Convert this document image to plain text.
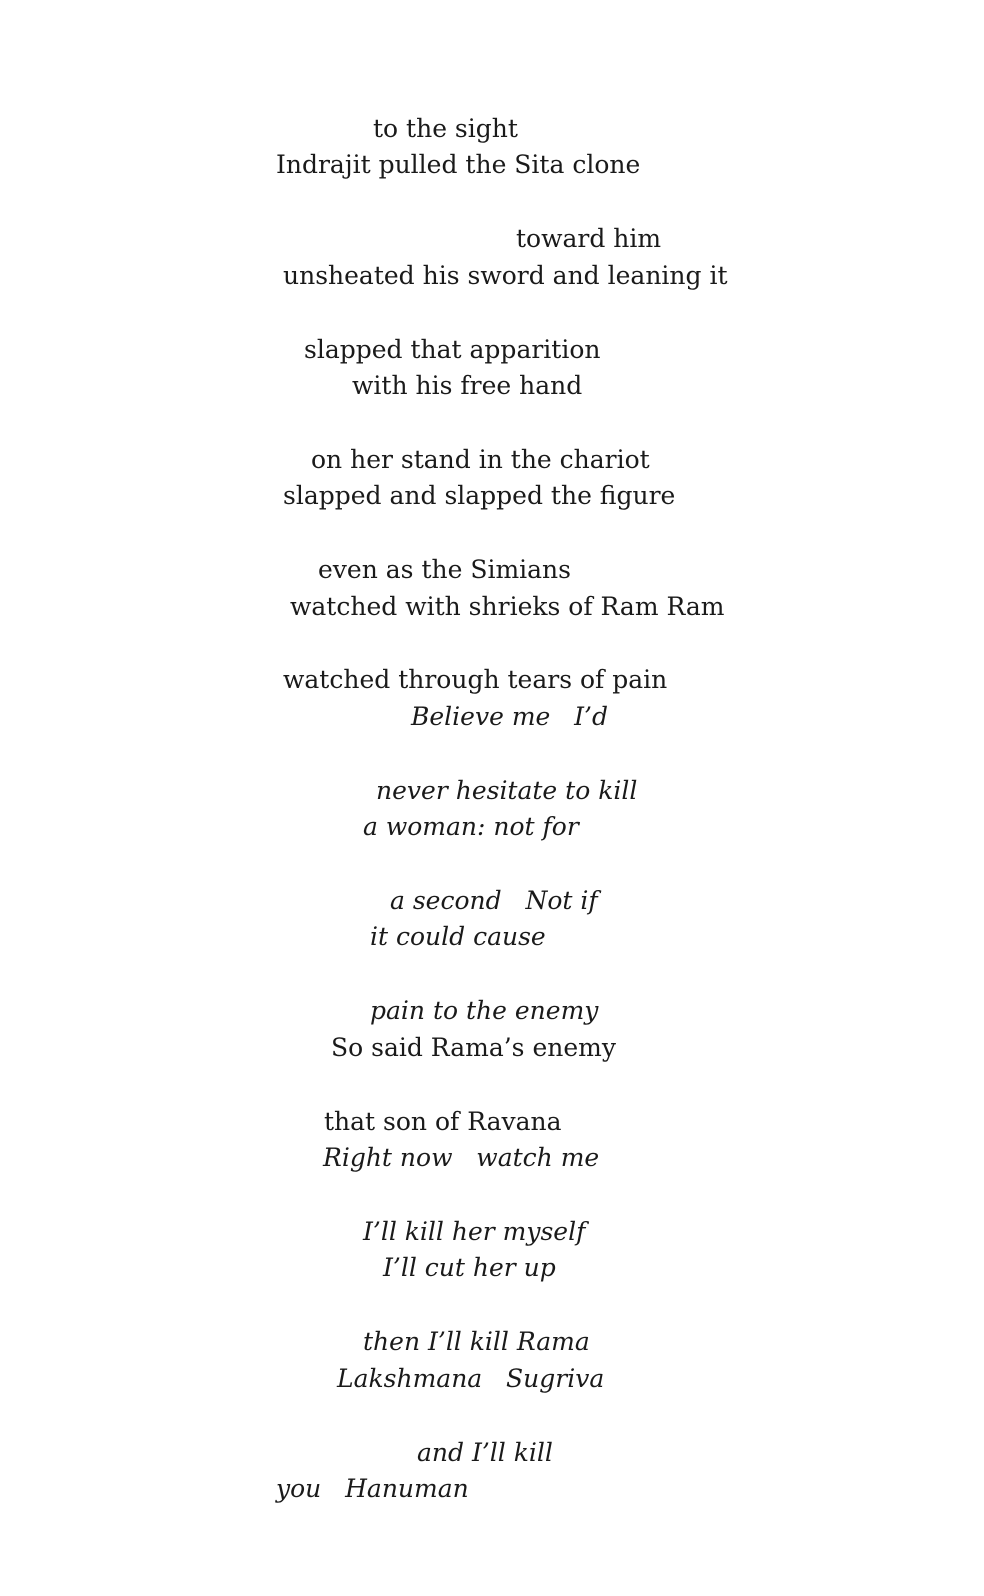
to the sight
Indrajit pulled the Sita clone
toward him
unsheated his sword and leaning it
slapped that apparition
with his free hand
on her stand in the chariot
slapped and slapped the figure
even as the Simians
watched with shrieks of Ram Ram
watched through tears of pain
Believe me   I’d
never hesitate to kill
a woman: not for
a second   Not if
it could cause
pain to the enemy
So said Rama’s enemy
that son of Ravana
Right now   watch me
I’ll kill her myself
I’ll cut her up
then I’ll kill Rama
Lakshmana   Sugriva
and I’ll kill
you   Hanuman
